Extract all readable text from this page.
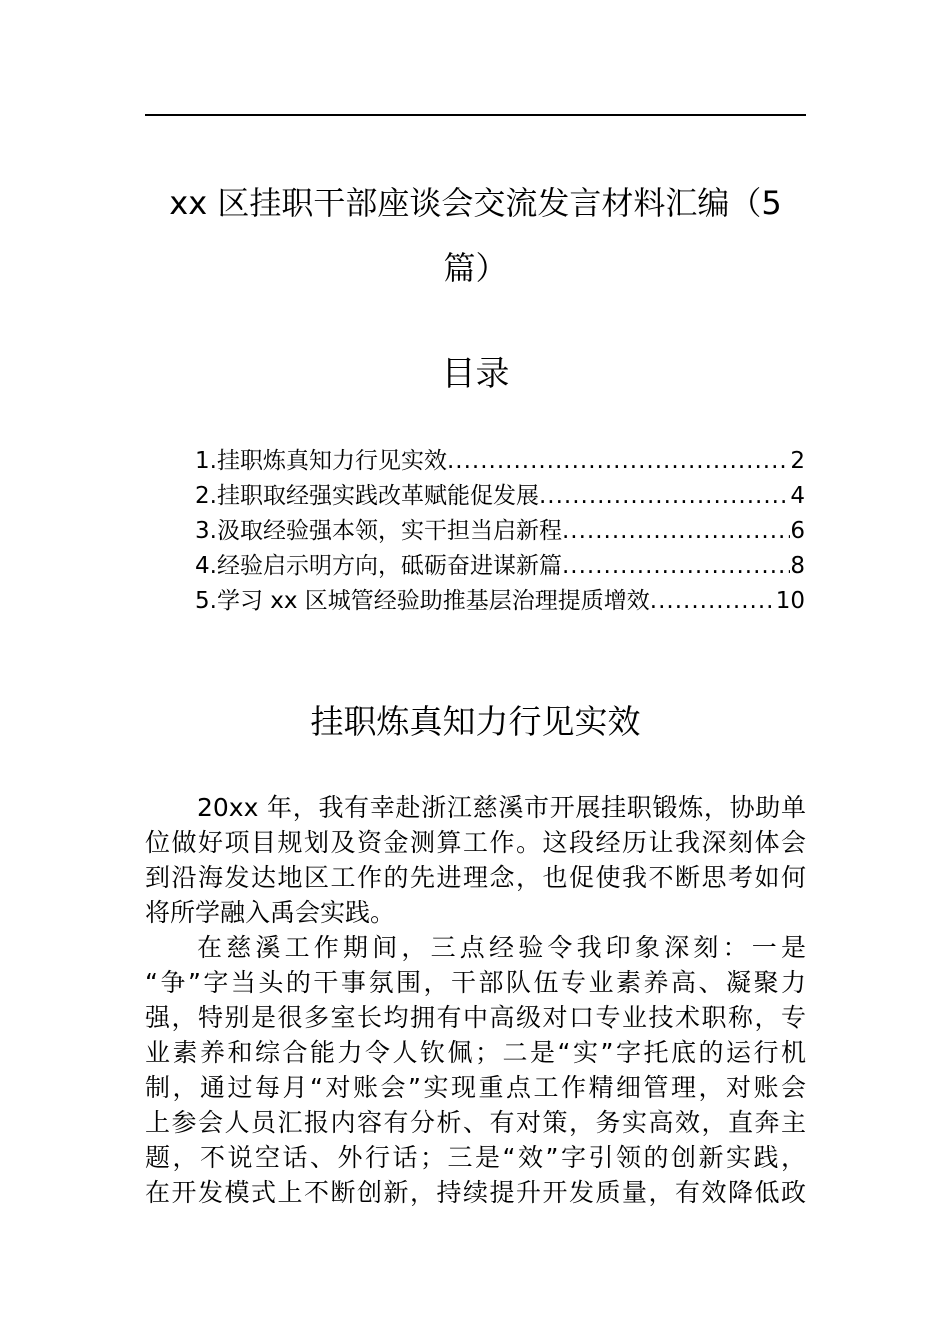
xx 区挂职干部座谈会交流发言材料汇编（5
篇）
目录
1.挂职炼真知力行见实效 .....	2
2.挂职取经强实践改革赋能促发展 .....	4
3.汲取经验强本领，实干担当启新程 .....	6
4.经验启示明方向，砥砺奋进谋新篇 .....	8
5.学习 xx 区城管经验助推基层治理提质增效 .....	10
挂职炼真知力行见实效
20xx 年，我有幸赴浙江慈溪市开展挂职锻炼，协助单
位做好项目规划及资金测算工作。这段经历让我深刻体会
到沿海发达地区工作的先进理念，也促使我不断思考如何
将所学融入禹会实践。
在慈溪工作期间，三点经验令我印象深刻：一是
“争”字当头的干事氛围，干部队伍专业素养高、凝聚力
强，特别是很多室长均拥有中高级对口专业技术职称，专
业素养和综合能力令人钦佩；二是“实”字托底的运行机
制，通过每月“对账会”实现重点工作精细管理，对账会
上参会人员汇报内容有分析、有对策，务实高效，直奔主
题，不说空话、外行话；三是“效”字引领的创新实践，
在开发模式上不断创新，持续提升开发质量，有效降低政
